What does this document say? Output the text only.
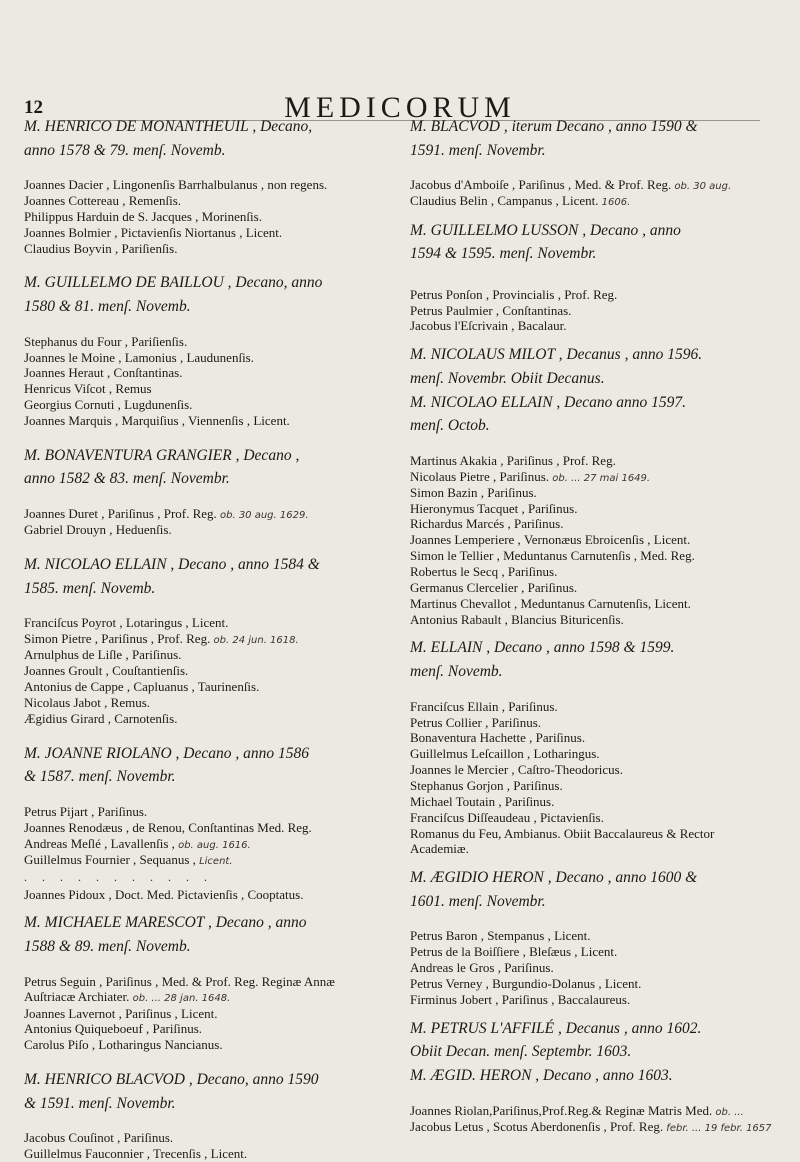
12	MEDICORUM

M. HENRICO DE MONANTHEUIL , Decano,

anno 1578 & 79. menſ. Novemb.

Joannes Dacier , Lingonenſis Barrhalbulanus , non regens.

Joannes Cottereau , Remenſis.

Philippus Harduin de S. Jacques , Morinenſis.

Joannes Bolmier , Pictavienſis Niortanus , Licent.

Claudius Boyvin , Pariſienſis.

M. GUILLELMO DE BAILLOU , Decano, anno

1580 & 81. menſ. Novemb.

Stephanus du Four , Pariſienſis.

Joannes le Moine , Lamonius , Laudunenſis.

Joannes Heraut , Conſtantinas.

Henricus Viſcot , Remus

Georgius Cornuti , Lugdunenſis.

Joannes Marquis , Marquiſius , Viennenſis , Licent.

M. BONAVENTURA GRANGIER , Decano ,

anno 1582 & 83. menſ. Novembr.

Joannes Duret , Pariſinus , Prof. Reg. ob. 30 aug. 1629.

Gabriel Drouyn , Heduenſis.

M. NICOLAO ELLAIN , Decano , anno 1584 &

1585. menſ. Novemb.

Franciſcus Poyrot , Lotaringus , Licent.

Simon Pietre , Pariſinus , Prof. Reg. ob. 24 jun. 1618.

Arnulphus de Liſle , Pariſinus.

Joannes Groult , Couſtantienſis.

Antonius de Cappe , Capluanus , Taurinenſis.

Nicolaus Jabot , Remus.

Ægidius Girard , Carnotenſis.

M. JOANNE RIOLANO , Decano , anno 1586

& 1587. menſ. Novembr.

Petrus Pijart , Pariſinus.

Joannes Renodæus , de Renou, Conſtantinas Med. Reg.

Andreas Meſlé , Lavallenſis , ob. aug. 1616.

Guillelmus Fournier , Sequanus , Licent.

. . . . . . . . . . .

Joannes Pidoux , Doct. Med. Pictavienſis , Cooptatus.

M. MICHAELE MARESCOT , Decano , anno

1588 & 89. menſ. Novemb.

Petrus Seguin , Pariſinus , Med. & Prof. Reg. Reginæ Annæ

Auſtriacæ Archiater. ob. ... 28 jan. 1648.

Joannes Lavernot , Pariſinus , Licent.

Antonius Quiqueboeuf , Pariſinus.

Carolus Piſo , Lotharingus Nancianus.

M. HENRICO BLACVOD , Decano, anno 1590

& 1591. menſ. Novembr.

Jacobus Couſinot , Pariſinus.

Guillelmus Fauconnier , Trecenſis , Licent.

M. BLACVOD , iterum Decano , anno 1590 &

1591. menſ. Novembr.

Jacobus d'Amboiſe , Pariſinus , Med. & Prof. Reg. ob. 30 aug.

Claudius Belin , Campanus , Licent. 1606.

M. GUILLELMO LUSSON , Decano , anno

1594 & 1595. menſ. Novembr.

Petrus Ponſon , Provincialis , Prof. Reg.

Petrus Paulmier , Conſtantinas.

Jacobus l'Eſcrivain , Bacalaur.

M. NICOLAUS MILOT , Decanus , anno 1596.

menſ. Novembr. Obiit Decanus.

M. NICOLAO ELLAIN , Decano anno 1597.

menſ. Octob.

Martinus Akakia , Pariſinus , Prof. Reg.

Nicolaus Pietre , Pariſinus. ob. ... 27 mai 1649.

Simon Bazin , Pariſinus.

Hieronymus Tacquet , Pariſinus.

Richardus Marcés , Pariſinus.

Joannes Lemperiere , Vernonæus Ebroicenſis , Licent.

Simon le Tellier , Meduntanus Carnutenſis , Med. Reg.

Robertus le Secq , Pariſinus.

Germanus Clercelier , Pariſinus.

Martinus Chevallot , Meduntanus Carnutenſis, Licent.

Antonius Rabault , Blancius Bituricenſis.

M. ELLAIN , Decano , anno 1598 & 1599.

menſ. Novemb.

Franciſcus Ellain , Pariſinus.

Petrus Collier , Pariſinus.

Bonaventura Hachette , Pariſinus.

Guillelmus Leſcaillon , Lotharingus.

Joannes le Mercier , Caſtro-Theodoricus.

Stephanus Gorjon , Pariſinus.

Michael Toutain , Pariſinus.

Franciſcus Diſſeaudeau , Pictavienſis.

Romanus du Feu, Ambianus. Obiit Baccalaureus & Rector

Academiæ.

M. ÆGIDIO HERON , Decano , anno 1600 &

1601. menſ. Novembr.

Petrus Baron , Stempanus , Licent.

Petrus de la Boiſſiere , Bleſæus , Licent.

Andreas le Gros , Pariſinus.

Petrus Verney , Burgundio-Dolanus , Licent.

Firminus Jobert , Pariſinus , Baccalaureus.

M. PETRUS L'AFFILÉ , Decanus , anno 1602.

Obiit Decan. menſ. Septembr. 1603.

M. ÆGID. HERON , Decano , anno 1603.

Joannes Riolan,Pariſinus,Prof.Reg.& Reginæ Matris Med. ob. ...

Jacobus Letus , Scotus Aberdonenſis , Prof. Reg. febr. ... 19 febr. 1657
